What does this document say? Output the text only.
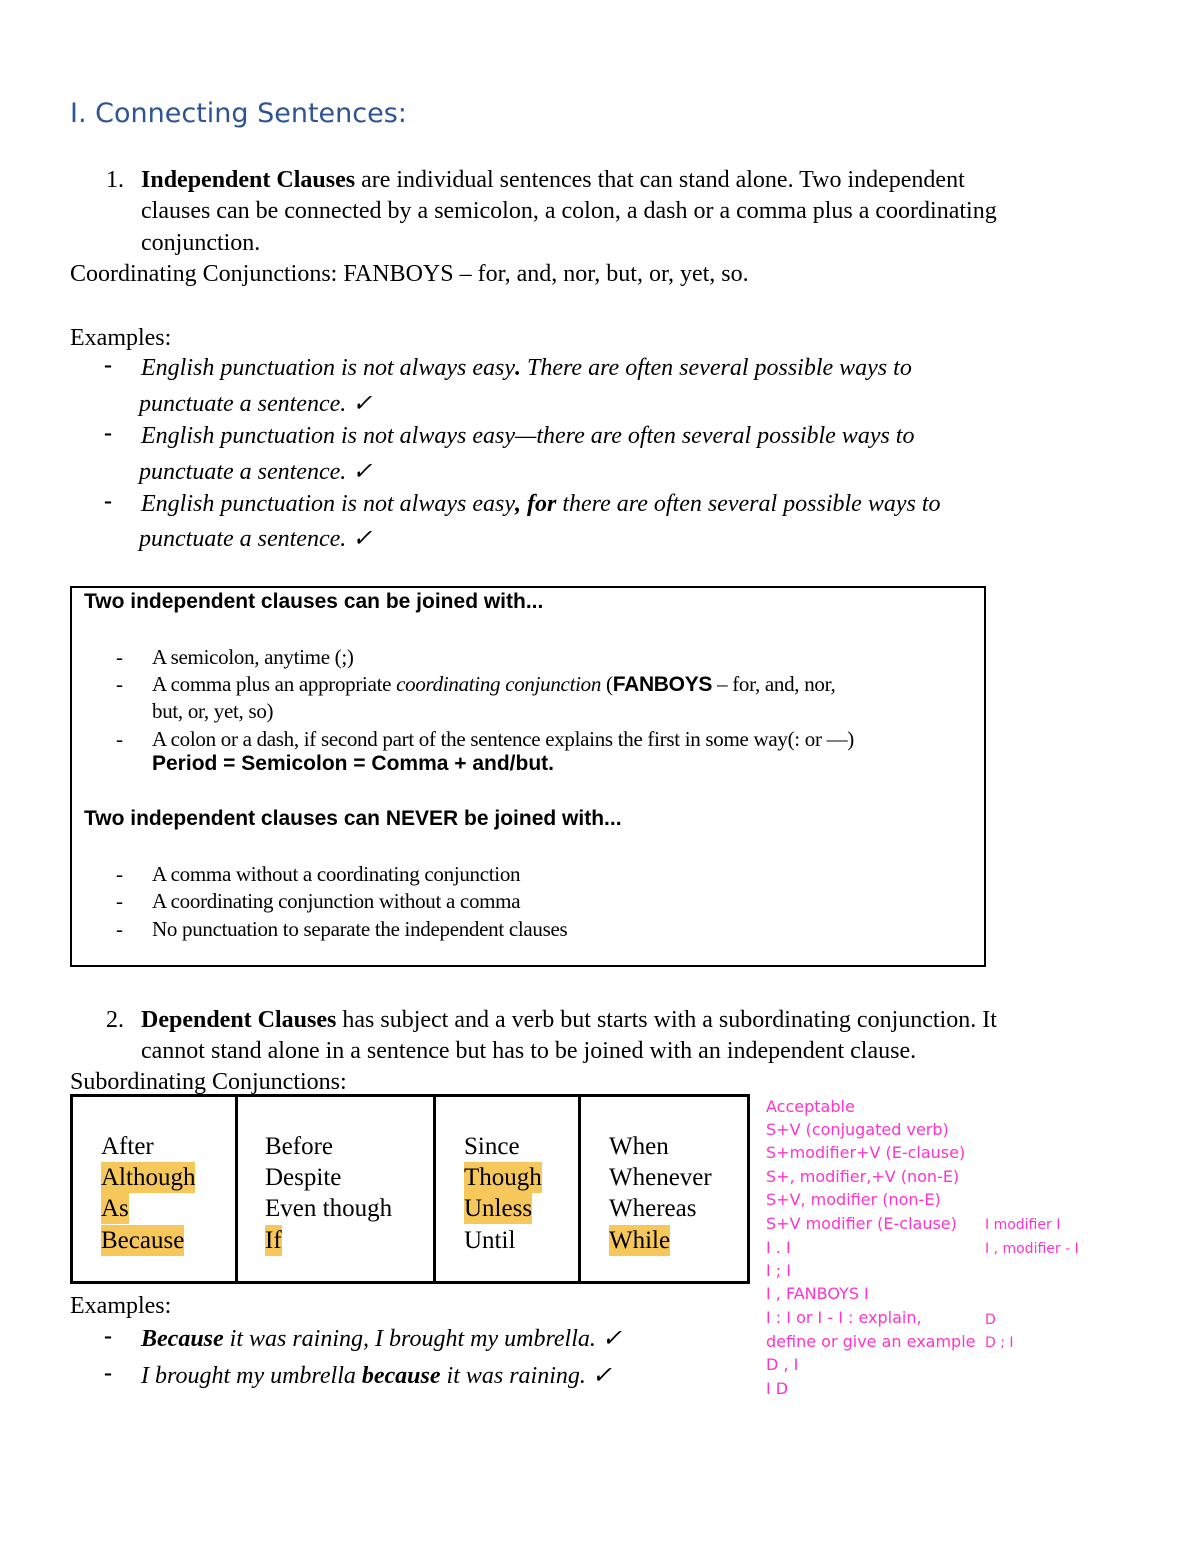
I. Connecting Sentences:
1. Independent Clauses are individual sentences that can stand alone. Two independent
clauses can be connected by a semicolon, a colon, a dash or a comma plus a coordinating
conjunction.
Coordinating Conjunctions: FANBOYS – for, and, nor, but, or, yet, so.
Examples:
- English punctuation is not always easy. There are often several possible ways to
punctuate a sentence. ✓
- English punctuation is not always easy—there are often several possible ways to
punctuate a sentence. ✓
- English punctuation is not always easy, for there are often several possible ways to
punctuate a sentence. ✓
Two independent clauses can be joined with...
- A semicolon, anytime (;)
- A comma plus an appropriate coordinating conjunction (FANBOYS – for, and, nor,
but, or, yet, so)
- A colon or a dash, if second part of the sentence explains the first in some way(: or —)
Period = Semicolon = Comma + and/but.
Two independent clauses can NEVER be joined with...
- A comma without a coordinating conjunction
- A coordinating conjunction without a comma
- No punctuation to separate the independent clauses
2. Dependent Clauses has subject and a verb but starts with a subordinating conjunction. It
cannot stand alone in a sentence but has to be joined with an independent clause.
Subordinating Conjunctions:
After
Although
As
Because
Before
Despite
Even though
If
Since
Though
Unless
Until
When
Whenever
Whereas
While
Examples:
- Because it was raining, I brought my umbrella. ✓
- I brought my umbrella because it was raining. ✓
Acceptable
S+V (conjugated verb)
S+modifier+V (E-clause)
S+, modifier,+V (non-E)
S+V, modifier (non-E)
S+V modifier (E-clause)
I . I
I ; I
I , FANBOYS I
I : I or I - I : explain,
define or give an example
D , I
I D
I modifier I
I , modifier - I
D
D ; I
